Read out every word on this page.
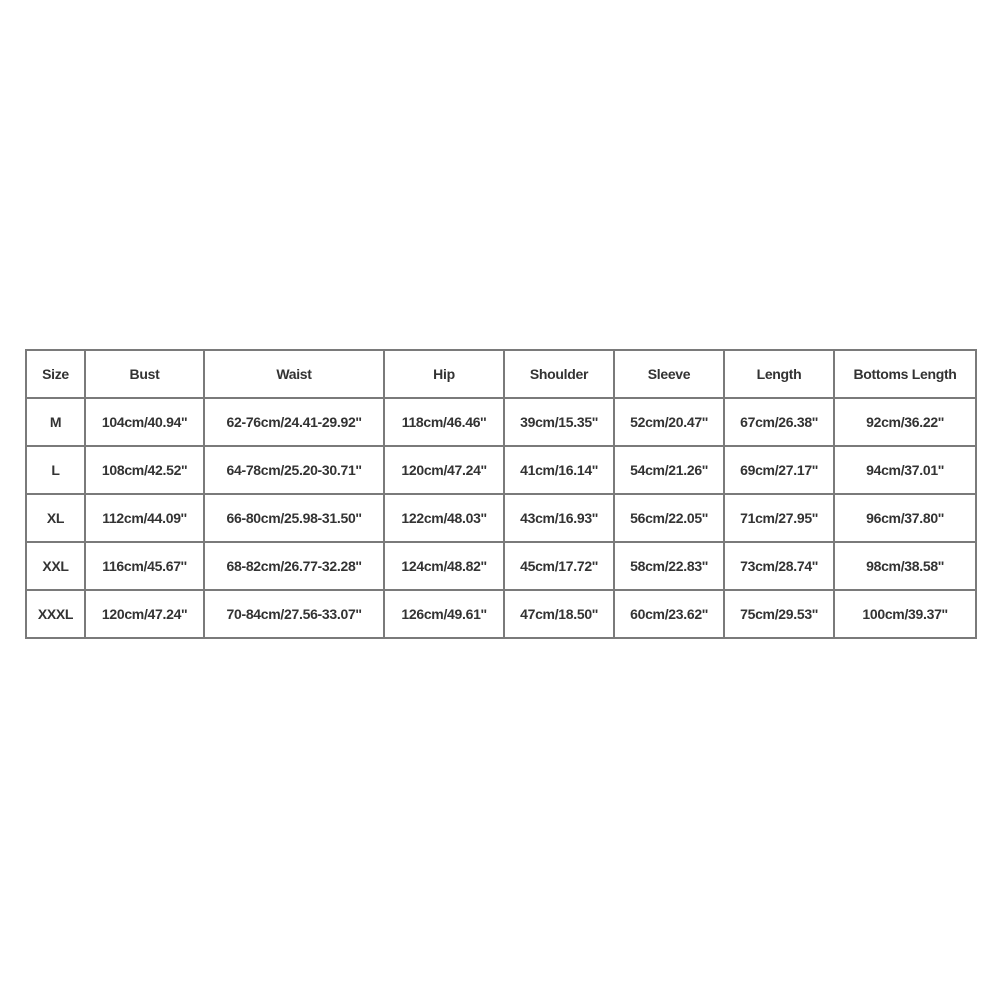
Size	Bust	Waist	Hip	Shoulder	Sleeve	Length	Bottoms Length
M	104cm/40.94''	62-76cm/24.41-29.92''	118cm/46.46''	39cm/15.35''	52cm/20.47''	67cm/26.38''	92cm/36.22''
L	108cm/42.52''	64-78cm/25.20-30.71''	120cm/47.24''	41cm/16.14''	54cm/21.26''	69cm/27.17''	94cm/37.01''
XL	112cm/44.09''	66-80cm/25.98-31.50''	122cm/48.03''	43cm/16.93''	56cm/22.05''	71cm/27.95''	96cm/37.80''
XXL	116cm/45.67''	68-82cm/26.77-32.28''	124cm/48.82''	45cm/17.72''	58cm/22.83''	73cm/28.74''	98cm/38.58''
XXXL	120cm/47.24''	70-84cm/27.56-33.07''	126cm/49.61''	47cm/18.50''	60cm/23.62''	75cm/29.53''	100cm/39.37''
